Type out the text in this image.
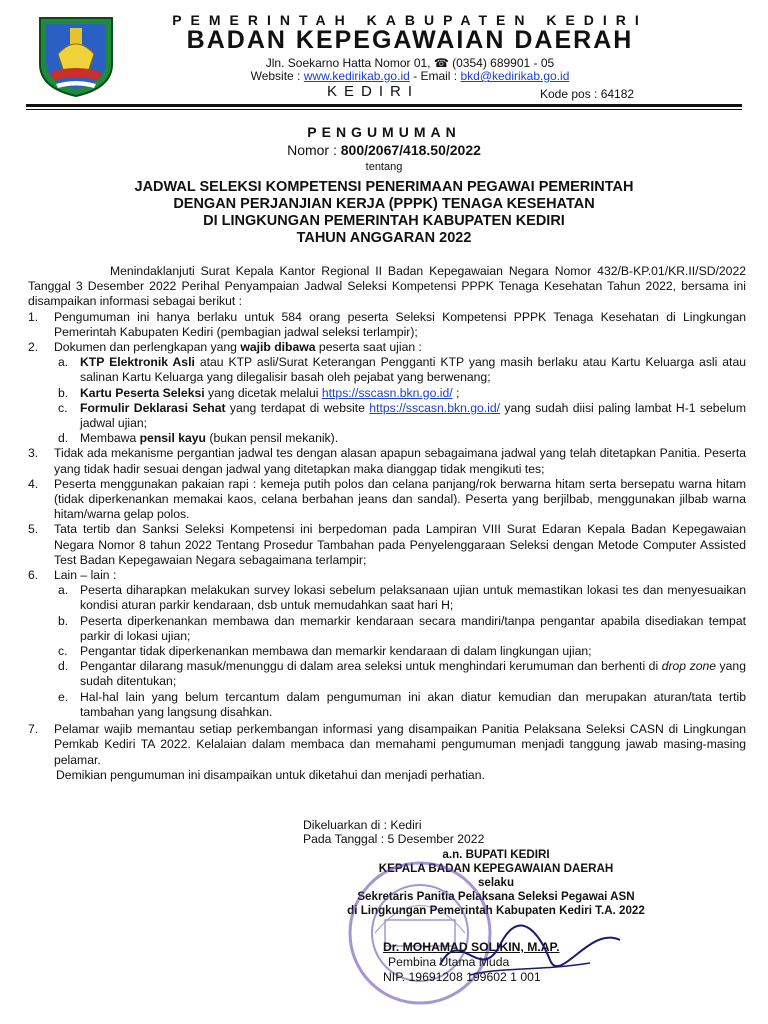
PEMERINTAH KABUPATEN KEDIRI
BADAN KEPEGAWAIAN DAERAH
Jln. Soekarno Hatta Nomor 01, ☎ (0354) 689901 - 05
Website : www.kedirikab.go.id - Email : bkd@kedirikab.go.id
KEDIRI	Kode pos : 64182
PENGUMUMAN
Nomor : 800/2067/418.50/2022
tentang
JADWAL SELEKSI KOMPETENSI PENERIMAAN PEGAWAI PEMERINTAH
DENGAN PERJANJIAN KERJA (PPPK) TENAGA KESEHATAN
DI LINGKUNGAN PEMERINTAH KABUPATEN KEDIRI
TAHUN ANGGARAN 2022

Menindaklanjuti Surat Kepala Kantor Regional II Badan Kepegawaian Negara Nomor 432/B-KP.01/KR.II/SD/2022 Tanggal 3 Desember 2022 Perihal Penyampaian Jadwal Seleksi Kompetensi PPPK Tenaga Kesehatan Tahun 2022, bersama ini disampaikan informasi sebagai berikut :

1. Pengumuman ini hanya berlaku untuk 584 orang peserta Seleksi Kompetensi PPPK Tenaga Kesehatan di Lingkungan Pemerintah Kabupaten Kediri (pembagian jadwal seleksi terlampir);
2. Dokumen dan perlengkapan yang wajib dibawa peserta saat ujian :
a. KTP Elektronik Asli atau KTP asli/Surat Keterangan Pengganti KTP yang masih berlaku atau Kartu Keluarga asli atau salinan Kartu Keluarga yang dilegalisir basah oleh pejabat yang berwenang;
b. Kartu Peserta Seleksi yang dicetak melalui https://sscasn.bkn.go.id/ ;
c. Formulir Deklarasi Sehat yang terdapat di website https://sscasn.bkn.go.id/ yang sudah diisi paling lambat H-1 sebelum jadwal ujian;
d. Membawa pensil kayu (bukan pensil mekanik).
3. Tidak ada mekanisme pergantian jadwal tes dengan alasan apapun sebagaimana jadwal yang telah ditetapkan Panitia. Peserta yang tidak hadir sesuai dengan jadwal yang ditetapkan maka dianggap tidak mengikuti tes;
4. Peserta menggunakan pakaian rapi : kemeja putih polos dan celana panjang/rok berwarna hitam serta bersepatu warna hitam (tidak diperkenankan memakai kaos, celana berbahan jeans dan sandal). Peserta yang berjilbab, menggunakan jilbab warna hitam/warna gelap polos.
5. Tata tertib dan Sanksi Seleksi Kompetensi ini berpedoman pada Lampiran VIII Surat Edaran Kepala Badan Kepegawaian Negara Nomor 8 tahun 2022 Tentang Prosedur Tambahan pada Penyelenggaraan Seleksi dengan Metode Computer Assisted Test Badan Kepegawaian Negara sebagaimana terlampir;
6. Lain – lain :
a. Peserta diharapkan melakukan survey lokasi sebelum pelaksanaan ujian untuk memastikan lokasi tes dan menyesuaikan kondisi aturan parkir kendaraan, dsb untuk memudahkan saat hari H;
b. Peserta diperkenankan membawa dan memarkir kendaraan secara mandiri/tanpa pengantar apabila disediakan tempat parkir di lokasi ujian;
c. Pengantar tidak diperkenankan membawa dan memarkir kendaraan di dalam lingkungan ujian;
d. Pengantar dilarang masuk/menunggu di dalam area seleksi untuk menghindari kerumuman dan berhenti di drop zone yang sudah ditentukan;
e. Hal-hal lain yang belum tercantum dalam pengumuman ini akan diatur kemudian dan merupakan aturan/tata tertib tambahan yang langsung disahkan.
7. Pelamar wajib memantau setiap perkembangan informasi yang disampaikan Panitia Pelaksana Seleksi CASN di Lingkungan Pemkab Kediri TA 2022. Kelalaian dalam membaca dan memahami pengumuman menjadi tanggung jawab masing-masing pelamar.

Demikian pengumuman ini disampaikan untuk diketahui dan menjadi perhatian.

Dikeluarkan di : Kediri
Pada Tanggal : 5 Desember 2022
a.n. BUPATI KEDIRI
KEPALA BADAN KEPEGAWAIAN DAERAH
selaku
Sekretaris Panitia Pelaksana Seleksi Pegawai ASN
di Lingkungan Pemerintah Kabupaten Kediri T.A. 2022
Dr. MOHAMAD SOLIKIN, M.AP.
Pembina Utama Muda
NIP. 19691208 199602 1 001
